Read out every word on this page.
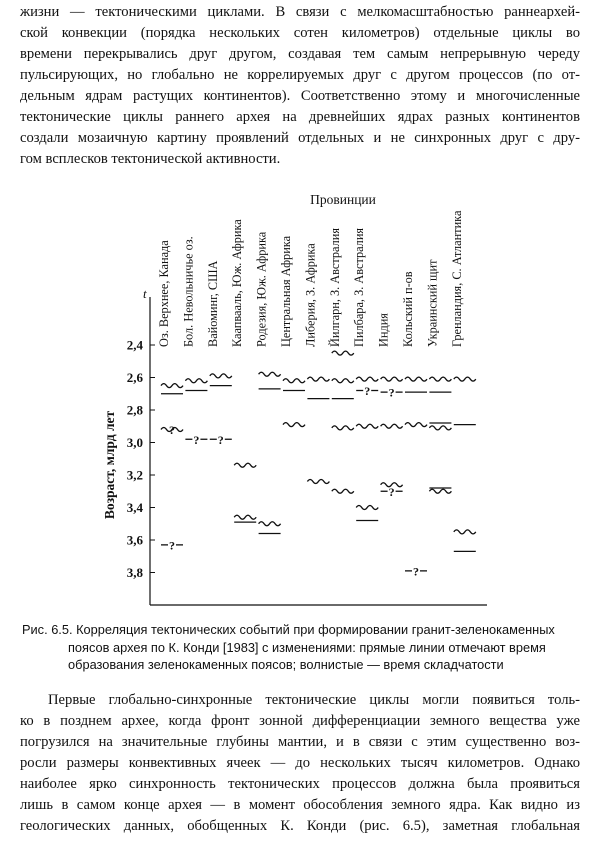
жизни — тектоническими циклами. В связи с мелкомасштабностью раннеархей-
ской конвекции (порядка нескольких сотен километров) отдельные циклы во
времени перекрывались друг другом, создавая тем самым непрерывную череду
пульсирующих, но глобально не коррелируемых друг с другом процессов (по от-
дельным ядрам растущих континентов). Соответственно этому и многочисленные
тектонические циклы раннего архея на древнейших ядрах разных континентов
создали мозаичную картину проявлений отдельных и не синхронных друг с дру-
гом всплесков тектонической активности.
Провинции
Оз. Верхнее, Канада Бол. Невольничье оз. Вайоминг, США Каапвааль, Юж. Африка Родезия, Юж. Африка Центральная Африка Либерия, З. Африка Йилгарн, З. Австралия Пилбара, З. Австралия Индия Кольский п-ов Украинский щит Гренландия, С. Атлантика
t
Возраст, млрд лет
2,4
2,6
2,8
3,0
3,2
3,4
3,6
3,8
?
?
? ?
? ?
?
?
Рис. 6.5. Корреляция тектонических событий при формировании гранит-зеленокаменных
поясов архея по К. Конди [1983] с изменениями: прямые линии отмечают время
образования зеленокаменных поясов; волнистые — время складчатости
Первые глобально-синхронные тектонические циклы могли появиться толь-
ко в позднем архее, когда фронт зонной дифференциации земного вещества уже
погрузился на значительные глубины мантии, и в связи с этим существенно воз-
росли размеры конвективных ячеек — до нескольких тысяч километров. Однако
наиболее ярко синхронность тектонических процессов должна была проявиться
лишь в самом конце архея — в момент обособления земного ядра. Как видно из
геологических данных, обобщенных К. Конди (рис. 6.5), заметная глобальная
